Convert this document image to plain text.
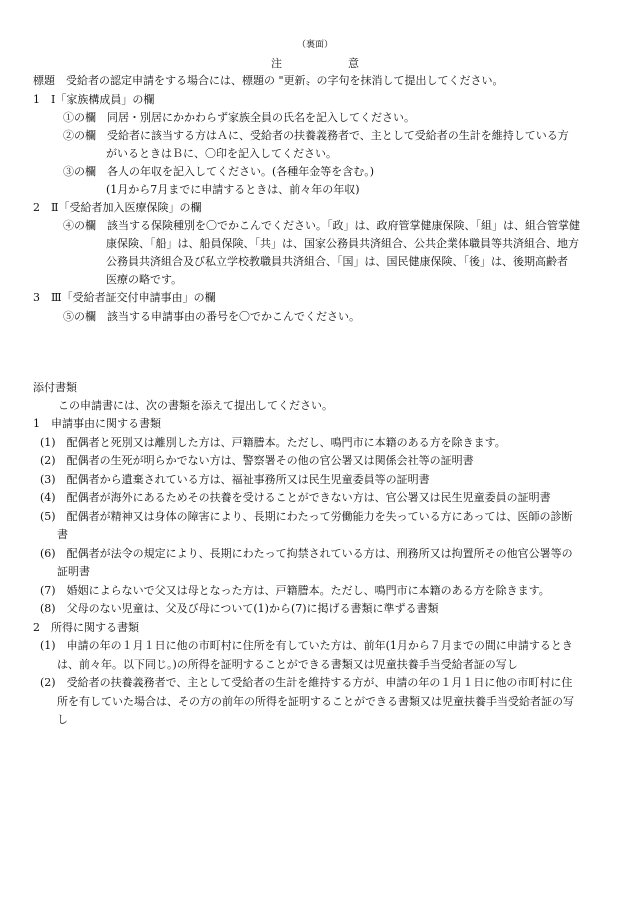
（裏面）
注　　　　　　意
標題　受給者の認定申請をする場合には、標題の "更新〟の字句を抹消して提出してください。
1　Ⅰ「家族構成員」の欄
①の欄　同居・別居にかかわらず家族全員の氏名を記入してください。
②の欄　受給者に該当する方はＡに、受給者の扶養義務者で、主として受給者の生計を維持している方
がいるときはＢに、〇印を記入してください。
③の欄　各人の年収を記入してください。(各種年金等を含む。)
(1月から7月までに申請するときは、前々年の年収)
2　Ⅱ「受給者加入医療保険」の欄
④の欄　該当する保険種別を〇でかこんでください。「政」は、政府管掌健康保険、「組」は、組合管掌健
康保険、「船」は、船員保険、「共」は、国家公務員共済組合、公共企業体職員等共済組合、地方
公務員共済組合及び私立学校教職員共済組合、「国」は、国民健康保険、「後」は、後期高齢者
医療の略です。
3　Ⅲ「受給者証交付申請事由」の欄
⑤の欄　該当する申請事由の番号を〇でかこんでください。
添付書類
この申請書には、次の書類を添えて提出してください。
1　申請事由に関する書類
(1)　配偶者と死別又は離別した方は、戸籍謄本。ただし、鳴門市に本籍のある方を除きます。
(2)　配偶者の生死が明らかでない方は、警察署その他の官公署又は関係会社等の証明書
(3)　配偶者から遺棄されている方は、福祉事務所又は民生児童委員等の証明書
(4)　配偶者が海外にあるためその扶養を受けることができない方は、官公署又は民生児童委員の証明書
(5)　配偶者が精神又は身体の障害により、長期にわたって労働能力を失っている方にあっては、医師の診断
書
(6)　配偶者が法令の規定により、長期にわたって拘禁されている方は、刑務所又は拘置所その他官公署等の
証明書
(7)　婚姻によらないで父又は母となった方は、戸籍謄本。ただし、鳴門市に本籍のある方を除きます。
(8)　父母のない児童は、父及び母について(1)から(7)に掲げる書類に準ずる書類
2　所得に関する書類
(1)　申請の年の１月１日に他の市町村に住所を有していた方は、前年(1月から７月までの間に申請するとき
は、前々年。以下同じ。)の所得を証明することができる書類又は児童扶養手当受給者証の写し
(2)　受給者の扶養義務者で、主として受給者の生計を維持する方が、申請の年の１月１日に他の市町村に住
所を有していた場合は、その方の前年の所得を証明することができる書類又は児童扶養手当受給者証の写
し
